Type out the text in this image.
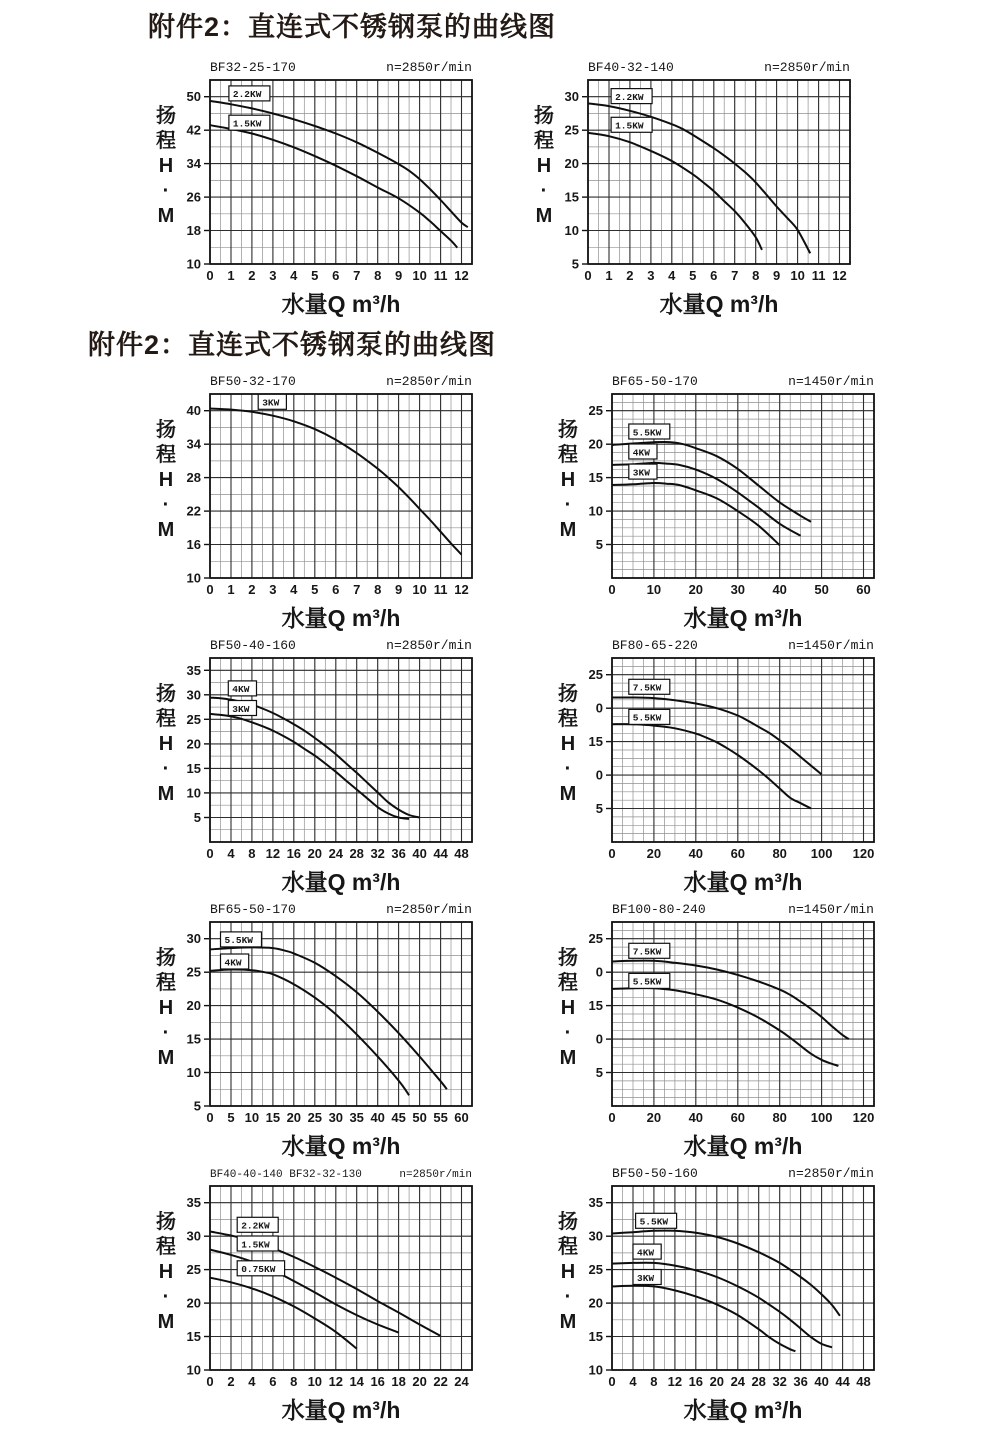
附件2：直连式不锈钢泵的曲线图
10
18
26
34
42
50
0 1 2 3 4 5 6 7 8 9 10 11 12
2.2KW
1.5KW
BF32-25-170	n=2850r/min
扬
程
H
·
M
水量Q m³/h
5
10
15
20
25
30
0 1 2 3 4 5 6 7 8 9 10 11 12
2.2KW
1.5KW
BF40-32-140	n=2850r/min
扬
程
H
·
M
水量Q m³/h
附件2：直连式不锈钢泵的曲线图
10
16
22
28
34
40
0 1 2 3 4 5 6 7 8 9 10 11 12
3KW
BF50-32-170	n=2850r/min
扬
程
H
·
M
水量Q m³/h
5
10
15
20
25
0 10 20 30 40 50 60
5.5KW
4KW
3KW
BF65-50-170	n=1450r/min
扬
程
H
·
M
水量Q m³/h
5
10
15
20
25
30
35
0 4 8 12 16 20 24 28 32 36 40 44 48
4KW
3KW
BF50-40-160	n=2850r/min
扬
程
H
·
M
水量Q m³/h
5
0
15
0
25
0 20 40 60 80 100 120
7.5KW
5.5KW
BF80-65-220	n=1450r/min
扬
程
H
·
M
水量Q m³/h
5
10
15
20
25
30
0 5 10 15 20 25 30 35 40 45 50 55 60
5.5KW
4KW
BF65-50-170	n=2850r/min
扬
程
H
·
M
水量Q m³/h
5
0
15
0
25
0 20 40 60 80 100 120
7.5KW
5.5KW
BF100-80-240	n=1450r/min
扬
程
H
·
M
水量Q m³/h
10
15
20
25
30
35
0 2 4 6 8 10 12 14 16 18 20 22 24
2.2KW
1.5KW
0.75KW
BF40-40-140 BF32-32-130	n=2850r/min
扬
程
H
·
M
水量Q m³/h
10
15
20
25
30
35
0 4 8 12 16 20 24 28 32 36 40 44 48
5.5KW
4KW
3KW
BF50-50-160	n=2850r/min
扬
程
H
·
M
水量Q m³/h
